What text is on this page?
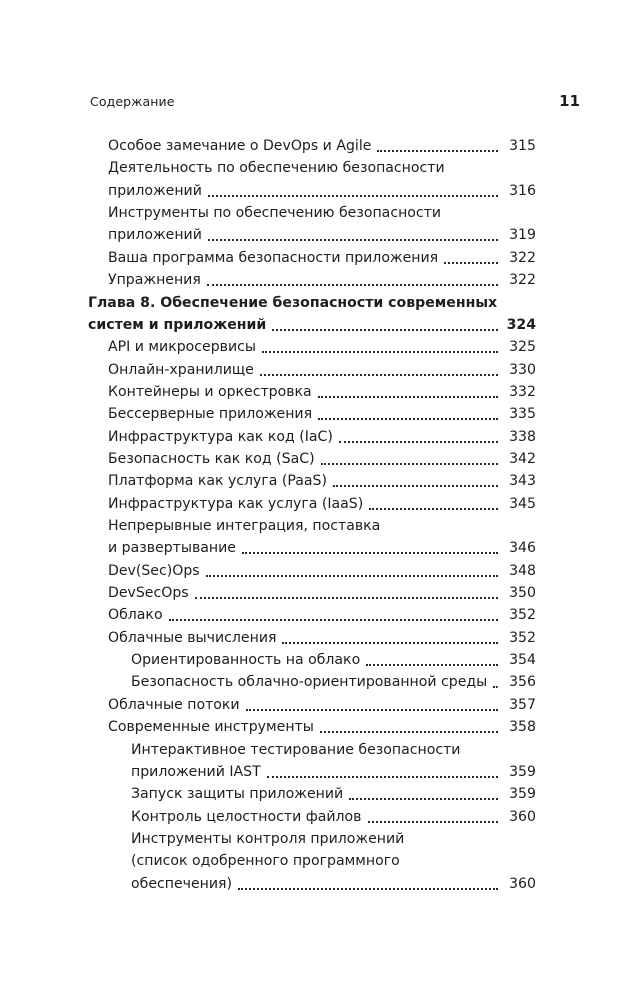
Содержание	11
Особое замечание о DevOps и Agile	315
Деятельность по обеспечению безопасности
приложений	316
Инструменты по обеспечению безопасности
приложений	319
Ваша программа безопасности приложения	322
Упражнения	322
Глава 8. Обеспечение безопасности современных
систем и приложений	324
API и микросервисы	325
Онлайн-хранилище	330
Контейнеры и оркестровка	332
Бессерверные приложения	335
Инфраструктура как код (IaC)	338
Безопасность как код (SaC)	342
Платформа как услуга (PaaS)	343
Инфраструктура как услуга (IaaS)	345
Непрерывные интеграция, поставка
и развертывание	346
Dev(Sec)Ops	348
DevSecOps	350
Облако	352
Облачные вычисления	352
Ориентированность на облако	354
Безопасность облачно-ориентированной среды 356
Облачные потоки	357
Современные инструменты	358
Интерактивное тестирование безопасности
приложений IAST	359
Запуск защиты приложений	359
Контроль целостности файлов	360
Инструменты контроля приложений
(список одобренного программного
обеспечения)	360
